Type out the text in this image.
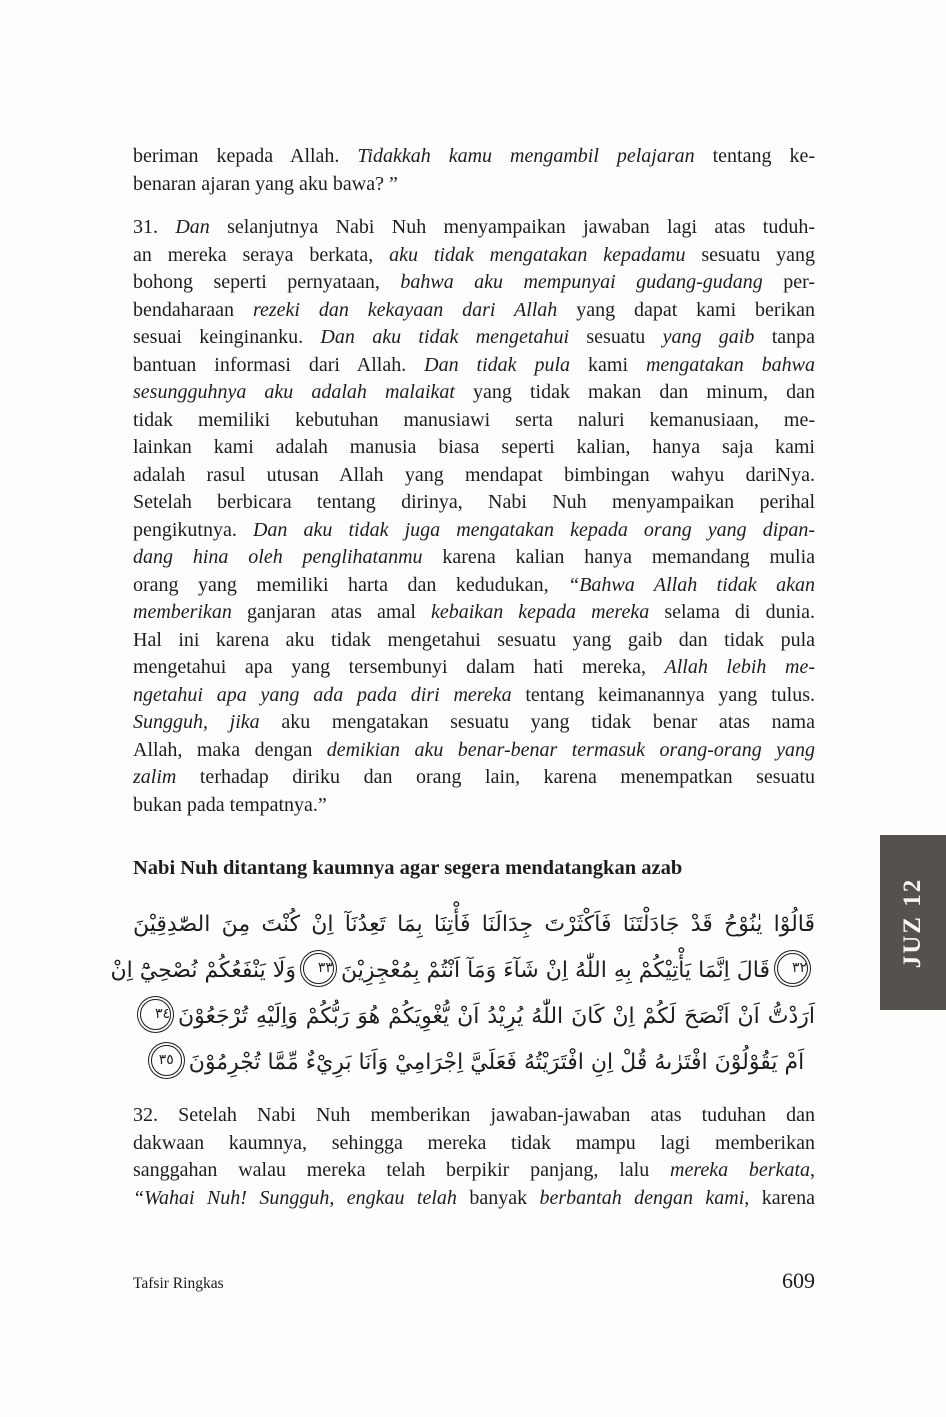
beriman kepada Allah. Tidakkah kamu mengambil pelajaran tentang ke-
benaran ajaran yang aku bawa? ”
31. Dan selanjutnya Nabi Nuh menyampaikan jawaban lagi atas tuduh-
an mereka seraya berkata, aku tidak mengatakan kepadamu sesuatu yang
bohong seperti pernyataan, bahwa aku mempunyai gudang-gudang per-
bendaharaan rezeki dan kekayaan dari Allah yang dapat kami berikan
sesuai keinginanku. Dan aku tidak mengetahui sesuatu yang gaib tanpa
bantuan informasi dari Allah. Dan tidak pula kami mengatakan bahwa
sesungguhnya aku adalah malaikat yang tidak makan dan minum, dan
tidak memiliki kebutuhan manusiawi serta naluri kemanusiaan, me-
lainkan kami adalah manusia biasa seperti kalian, hanya saja kami
adalah rasul utusan Allah yang mendapat bimbingan wahyu dariNya.
Setelah berbicara tentang dirinya, Nabi Nuh menyampaikan perihal
pengikutnya. Dan aku tidak juga mengatakan kepada orang yang dipan-
dang hina oleh penglihatanmu karena kalian hanya memandang mulia
orang yang memiliki harta dan kedudukan, “Bahwa Allah tidak akan
memberikan ganjaran atas amal kebaikan kepada mereka selama di dunia.
Hal ini karena aku tidak mengetahui sesuatu yang gaib dan tidak pula
mengetahui apa yang tersembunyi dalam hati mereka, Allah lebih me-
ngetahui apa yang ada pada diri mereka tentang keimanannya yang tulus.
Sungguh, jika aku mengatakan sesuatu yang tidak benar atas nama
Allah, maka dengan demikian aku benar-benar termasuk orang-orang yang
zalim terhadap diriku dan orang lain, karena menempatkan sesuatu
bukan pada tempatnya.”
Nabi Nuh ditantang kaumnya agar segera mendatangkan azab
قَالُوْا يٰنُوْحُ قَدْ جَادَلْتَنَا فَاَكْثَرْتَ جِدَالَنَا فَأْتِنَا بِمَا تَعِدُنَآ اِنْ كُنْتَ مِنَ الصّٰدِقِيْنَ
٣٢قَالَ اِنَّمَا يَأْتِيْكُمْ بِهِ اللّٰهُ اِنْ شَآءَ وَمَآ اَنْتُمْ بِمُعْجِزِيْنَ٣٣وَلَا يَنْفَعُكُمْ نُصْحِيْٓ اِنْ
اَرَدْتُّ اَنْ اَنْصَحَ لَكُمْ اِنْ كَانَ اللّٰهُ يُرِيْدُ اَنْ يُّغْوِيَكُمْ هُوَ رَبُّكُمْ وَاِلَيْهِ تُرْجَعُوْنَ٣٤
اَمْ يَقُوْلُوْنَ افْتَرٰىهُ قُلْ اِنِ افْتَرَيْتُهُ فَعَلَيَّ اِجْرَامِيْ وَاَنَا بَرِيْءٌ مِّمَّا تُجْرِمُوْنَ٣٥
32. Setelah Nabi Nuh memberikan jawaban-jawaban atas tuduhan dan
dakwaan kaumnya, sehingga mereka tidak mampu lagi memberikan
sanggahan walau mereka telah berpikir panjang, lalu mereka berkata,
“Wahai Nuh! Sungguh, engkau telah banyak berbantah dengan kami, karena
Tafsir Ringkas	609
JUZ 12
